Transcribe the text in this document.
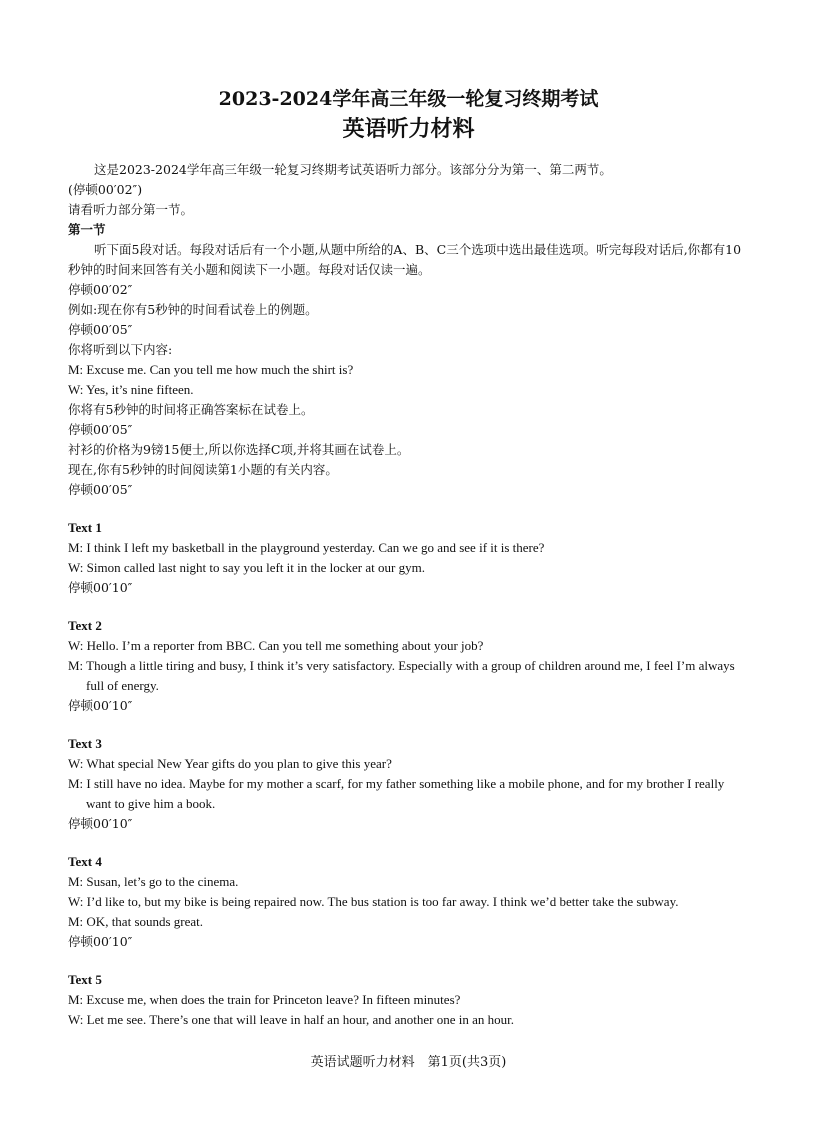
2023-2024学年高三年级一轮复习终期考试
英语听力材料

这是2023-2024学年高三年级一轮复习终期考试英语听力部分。该部分分为第一、第二两节。

(停顿00′02″)

请看听力部分第一节。

第一节

听下面5段对话。每段对话后有一个小题,从题中所给的A、B、C三个选项中选出最佳选项。听完每段对话后,你都有10秒钟的时间来回答有关小题和阅读下一小题。每段对话仅读一遍。

停顿00′02″

例如:现在你有5秒钟的时间看试卷上的例题。

停顿00′05″

你将听到以下内容:

M: Excuse me. Can you tell me how much the shirt is?

W: Yes, it’s nine fifteen.

你将有5秒钟的时间将正确答案标在试卷上。

停顿00′05″

衬衫的价格为9镑15便士,所以你选择C项,并将其画在试卷上。

现在,你有5秒钟的时间阅读第1小题的有关内容。

停顿00′05″

Text 1

M: I think I left my basketball in the playground yesterday. Can we go and see if it is there?

W: Simon called last night to say you left it in the locker at our gym.

停顿00′10″

Text 2

W: Hello. I’m a reporter from BBC. Can you tell me something about your job?

M: Though a little tiring and busy, I think it’s very satisfactory. Especially with a group of children around me, I feel I’m always full of energy.

停顿00′10″

Text 3

W: What special New Year gifts do you plan to give this year?

M: I still have no idea. Maybe for my mother a scarf, for my father something like a mobile phone, and for my brother I really want to give him a book.

停顿00′10″

Text 4

M: Susan, let’s go to the cinema.

W: I’d like to, but my bike is being repaired now. The bus station is too far away. I think we’d better take the subway.

M: OK, that sounds great.

停顿00′10″

Text 5

M: Excuse me, when does the train for Princeton leave? In fifteen minutes?

W: Let me see. There’s one that will leave in half an hour, and another one in an hour.

英语试题听力材料　第1页(共3页)
